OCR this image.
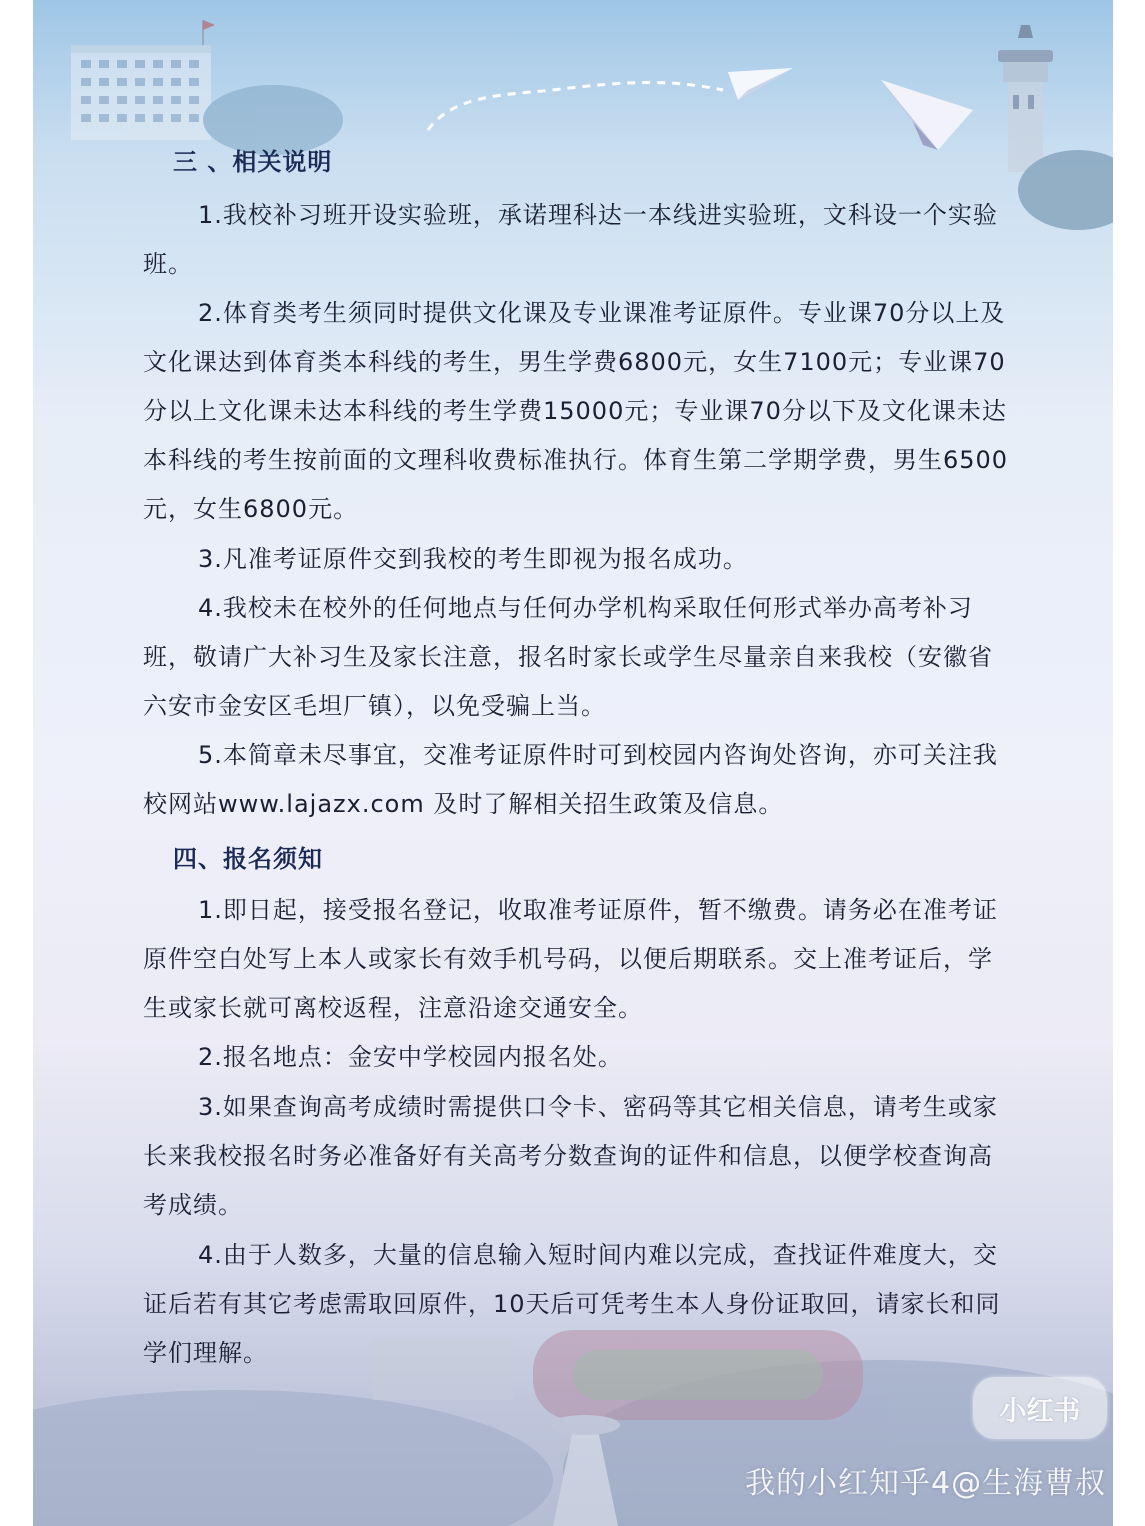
三 、相关说明

1.我校补习班开设实验班，承诺理科达一本线进实验班，文科设一个实验班。

2.体育类考生须同时提供文化课及专业课准考证原件。专业课70分以上及文化课达到体育类本科线的考生，男生学费6800元，女生7100元；专业课70分以上文化课未达本科线的考生学费15000元；专业课70分以下及文化课未达本科线的考生按前面的文理科收费标准执行。体育生第二学期学费，男生6500元，女生6800元。

3.凡准考证原件交到我校的考生即视为报名成功。

4.我校未在校外的任何地点与任何办学机构采取任何形式举办高考补习班，敬请广大补习生及家长注意，报名时家长或学生尽量亲自来我校（安徽省六安市金安区毛坦厂镇），以免受骗上当。

5.本简章未尽事宜，交准考证原件时可到校园内咨询处咨询，亦可关注我校网站www.lajazx.com 及时了解相关招生政策及信息。

四、报名须知

1.即日起，接受报名登记，收取准考证原件，暂不缴费。请务必在准考证原件空白处写上本人或家长有效手机号码，以便后期联系。交上准考证后，学生或家长就可离校返程，注意沿途交通安全。

2.报名地点：金安中学校园内报名处。

3.如果查询高考成绩时需提供口令卡、密码等其它相关信息，请考生或家长来我校报名时务必准备好有关高考分数查询的证件和信息，以便学校查询高考成绩。

4.由于人数多，大量的信息输入短时间内难以完成，查找证件难度大，交证后若有其它考虑需取回原件，10天后可凭考生本人身份证取回，请家长和同学们理解。

小红书
我的小红知乎4@生海曹叔
